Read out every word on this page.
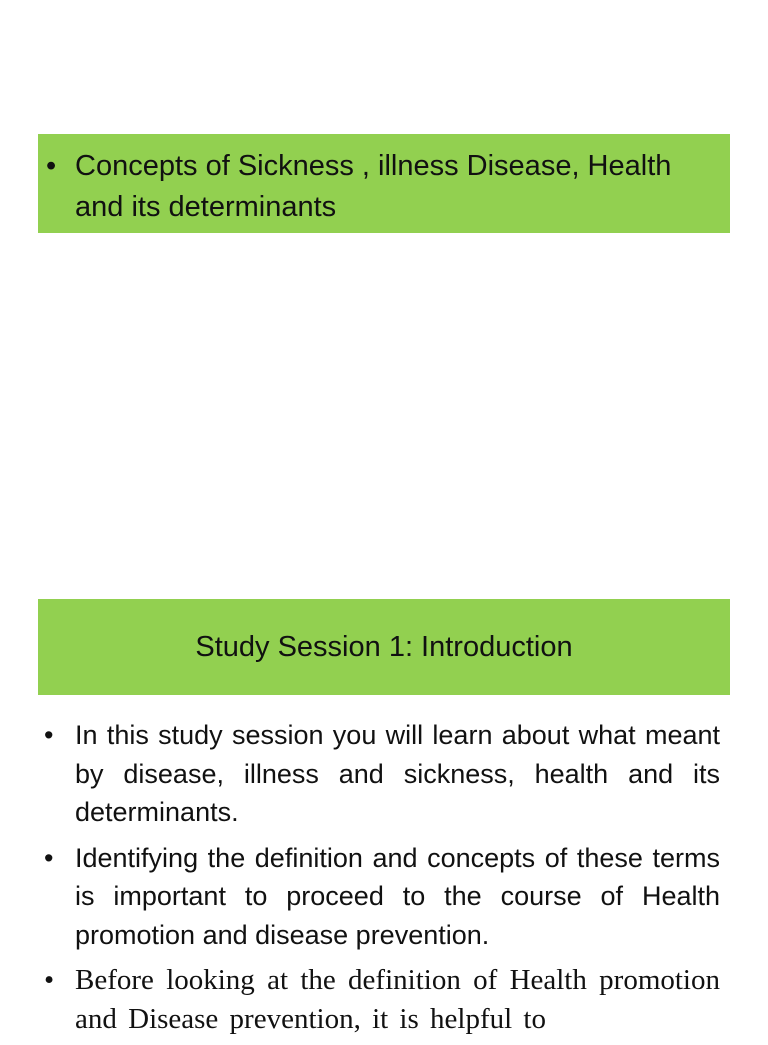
• Concepts of Sickness , illness Disease, Health and its determinants
Study Session 1: Introduction
• In this study session you will learn about what meant by disease, illness and sickness, health and its determinants.
• Identifying the definition and concepts of these terms is important to proceed to the course of Health promotion and disease prevention.
• Before looking at the definition of Health promotion and Disease prevention, it is helpful to
